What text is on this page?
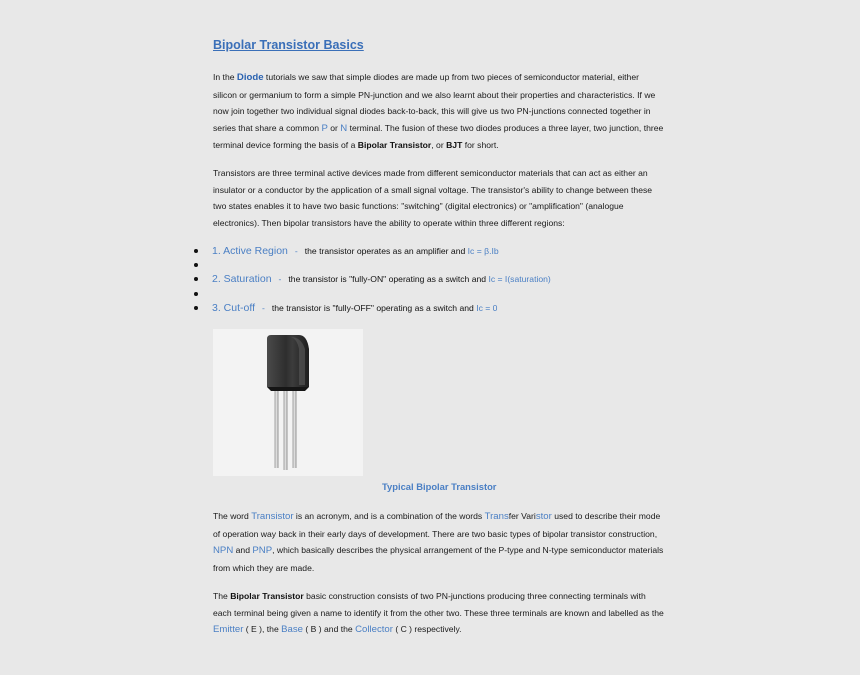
Bipolar Transistor Basics

In the Diode tutorials we saw that simple diodes are made up from two pieces of semiconductor material, either silicon or germanium to form a simple PN-junction and we also learnt about their properties and characteristics. If we now join together two individual signal diodes back-to-back, this will give us two PN-junctions connected together in series that share a common P or N terminal. The fusion of these two diodes produces a three layer, two junction, three terminal device forming the basis of a Bipolar Transistor, or BJT for short.

Transistors are three terminal active devices made from different semiconductor materials that can act as either an insulator or a conductor by the application of a small signal voltage. The transistor's ability to change between these two states enables it to have two basic functions: "switching" (digital electronics) or "amplification" (analogue electronics). Then bipolar transistors have the ability to operate within three different regions:

1. Active Region - the transistor operates as an amplifier and Ic = β.Ib
2. Saturation - the transistor is "fully-ON" operating as a switch and Ic = I(saturation)
3. Cut-off - the transistor is "fully-OFF" operating as a switch and Ic = 0

Typical Bipolar Transistor

The word Transistor is an acronym, and is a combination of the words Transfer Varistor used to describe their mode of operation way back in their early days of development. There are two basic types of bipolar transistor construction, NPN and PNP, which basically describes the physical arrangement of the P-type and N-type semiconductor materials from which they are made.

The Bipolar Transistor basic construction consists of two PN-junctions producing three connecting terminals with each terminal being given a name to identify it from the other two. These three terminals are known and labelled as the Emitter ( E ), the Base ( B ) and the Collector ( C ) respectively.
